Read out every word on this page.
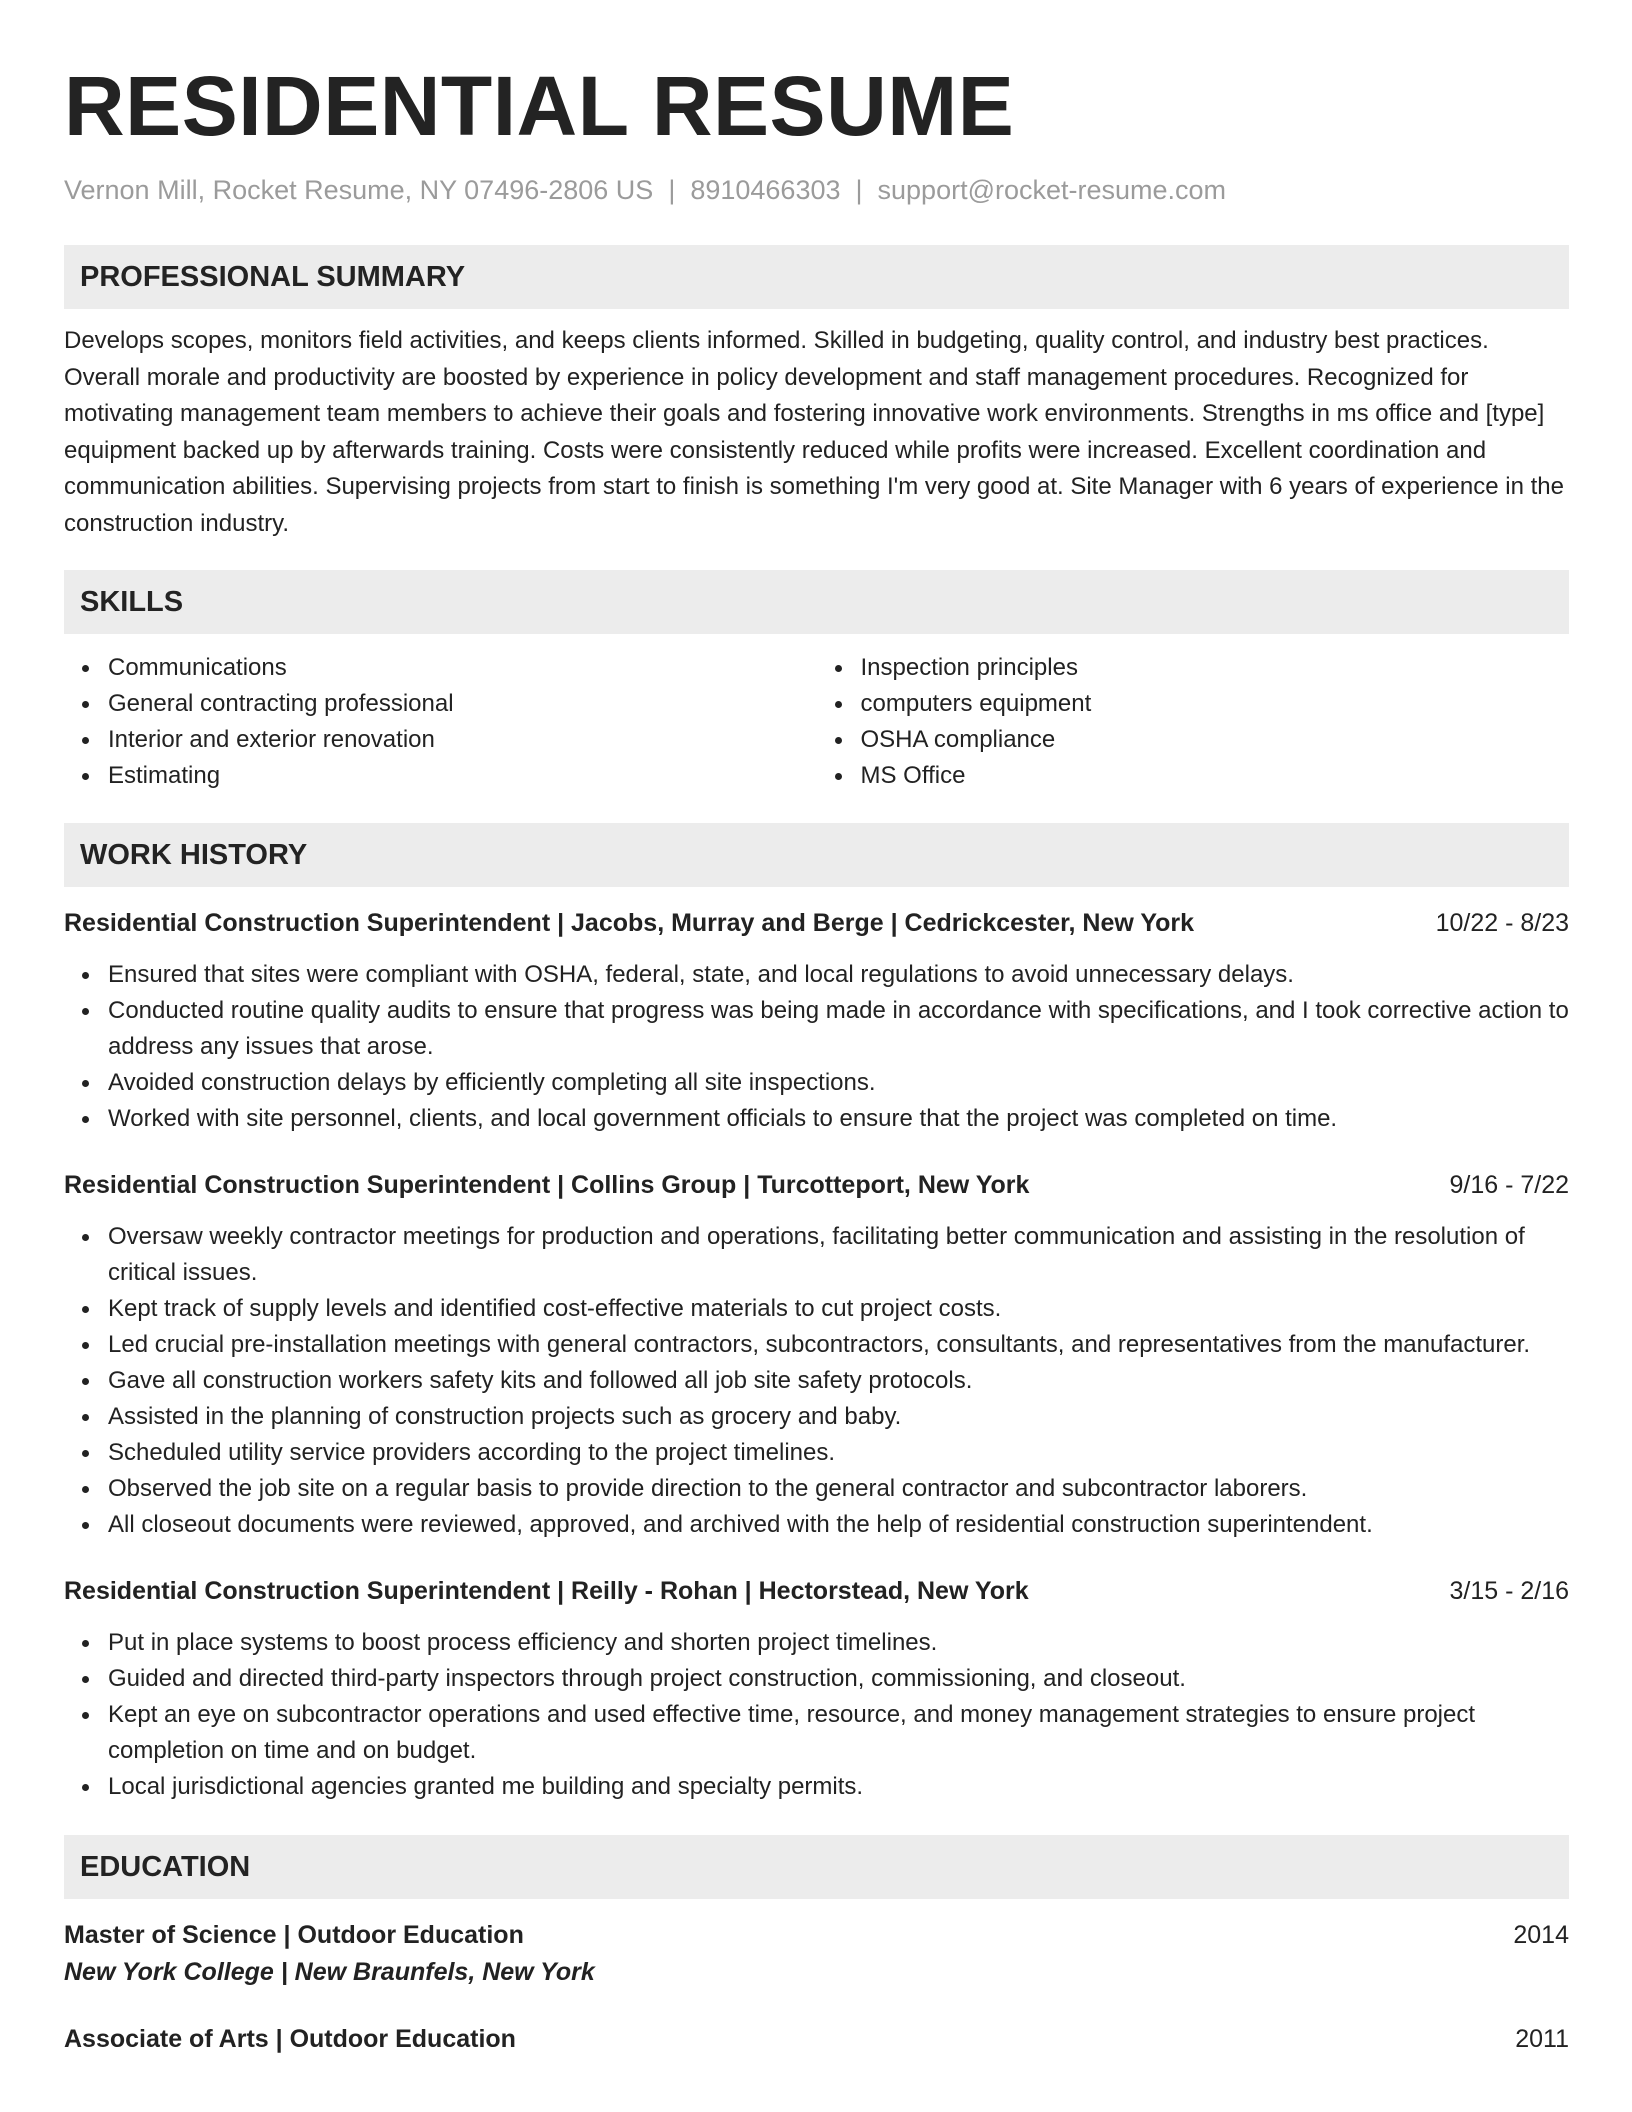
RESIDENTIAL RESUME
Vernon Mill, Rocket Resume, NY 07496-2806 US | 8910466303 | support@rocket-resume.com
PROFESSIONAL SUMMARY

Develops scopes, monitors field activities, and keeps clients informed. Skilled in budgeting, quality control, and industry best practices. Overall morale and productivity are boosted by experience in policy development and staff management procedures. Recognized for motivating management team members to achieve their goals and fostering innovative work environments. Strengths in ms office and [type] equipment backed up by afterwards training. Costs were consistently reduced while profits were increased. Excellent coordination and communication abilities. Supervising projects from start to finish is something I'm very good at. Site Manager with 6 years of experience in the construction industry.

SKILLS
Communications
General contracting professional
Interior and exterior renovation
Estimating
Inspection principles
computers equipment
OSHA compliance
MS Office
WORK HISTORY
Residential Construction Superintendent | Jacobs, Murray and Berge | Cedrickcester, New York	10/22 - 8/23
Ensured that sites were compliant with OSHA, federal, state, and local regulations to avoid unnecessary delays.
Conducted routine quality audits to ensure that progress was being made in accordance with specifications, and I took corrective action to address any issues that arose.
Avoided construction delays by efficiently completing all site inspections.
Worked with site personnel, clients, and local government officials to ensure that the project was completed on time.
Residential Construction Superintendent | Collins Group | Turcotteport, New York	9/16 - 7/22
Oversaw weekly contractor meetings for production and operations, facilitating better communication and assisting in the resolution of critical issues.
Kept track of supply levels and identified cost-effective materials to cut project costs.
Led crucial pre-installation meetings with general contractors, subcontractors, consultants, and representatives from the manufacturer.
Gave all construction workers safety kits and followed all job site safety protocols.
Assisted in the planning of construction projects such as grocery and baby.
Scheduled utility service providers according to the project timelines.
Observed the job site on a regular basis to provide direction to the general contractor and subcontractor laborers.
All closeout documents were reviewed, approved, and archived with the help of residential construction superintendent.
Residential Construction Superintendent | Reilly - Rohan | Hectorstead, New York	3/15 - 2/16
Put in place systems to boost process efficiency and shorten project timelines.
Guided and directed third-party inspectors through project construction, commissioning, and closeout.
Kept an eye on subcontractor operations and used effective time, resource, and money management strategies to ensure project completion on time and on budget.
Local jurisdictional agencies granted me building and specialty permits.
EDUCATION
Master of Science | Outdoor Education	2014
New York College | New Braunfels, New York
Associate of Arts | Outdoor Education	2011
